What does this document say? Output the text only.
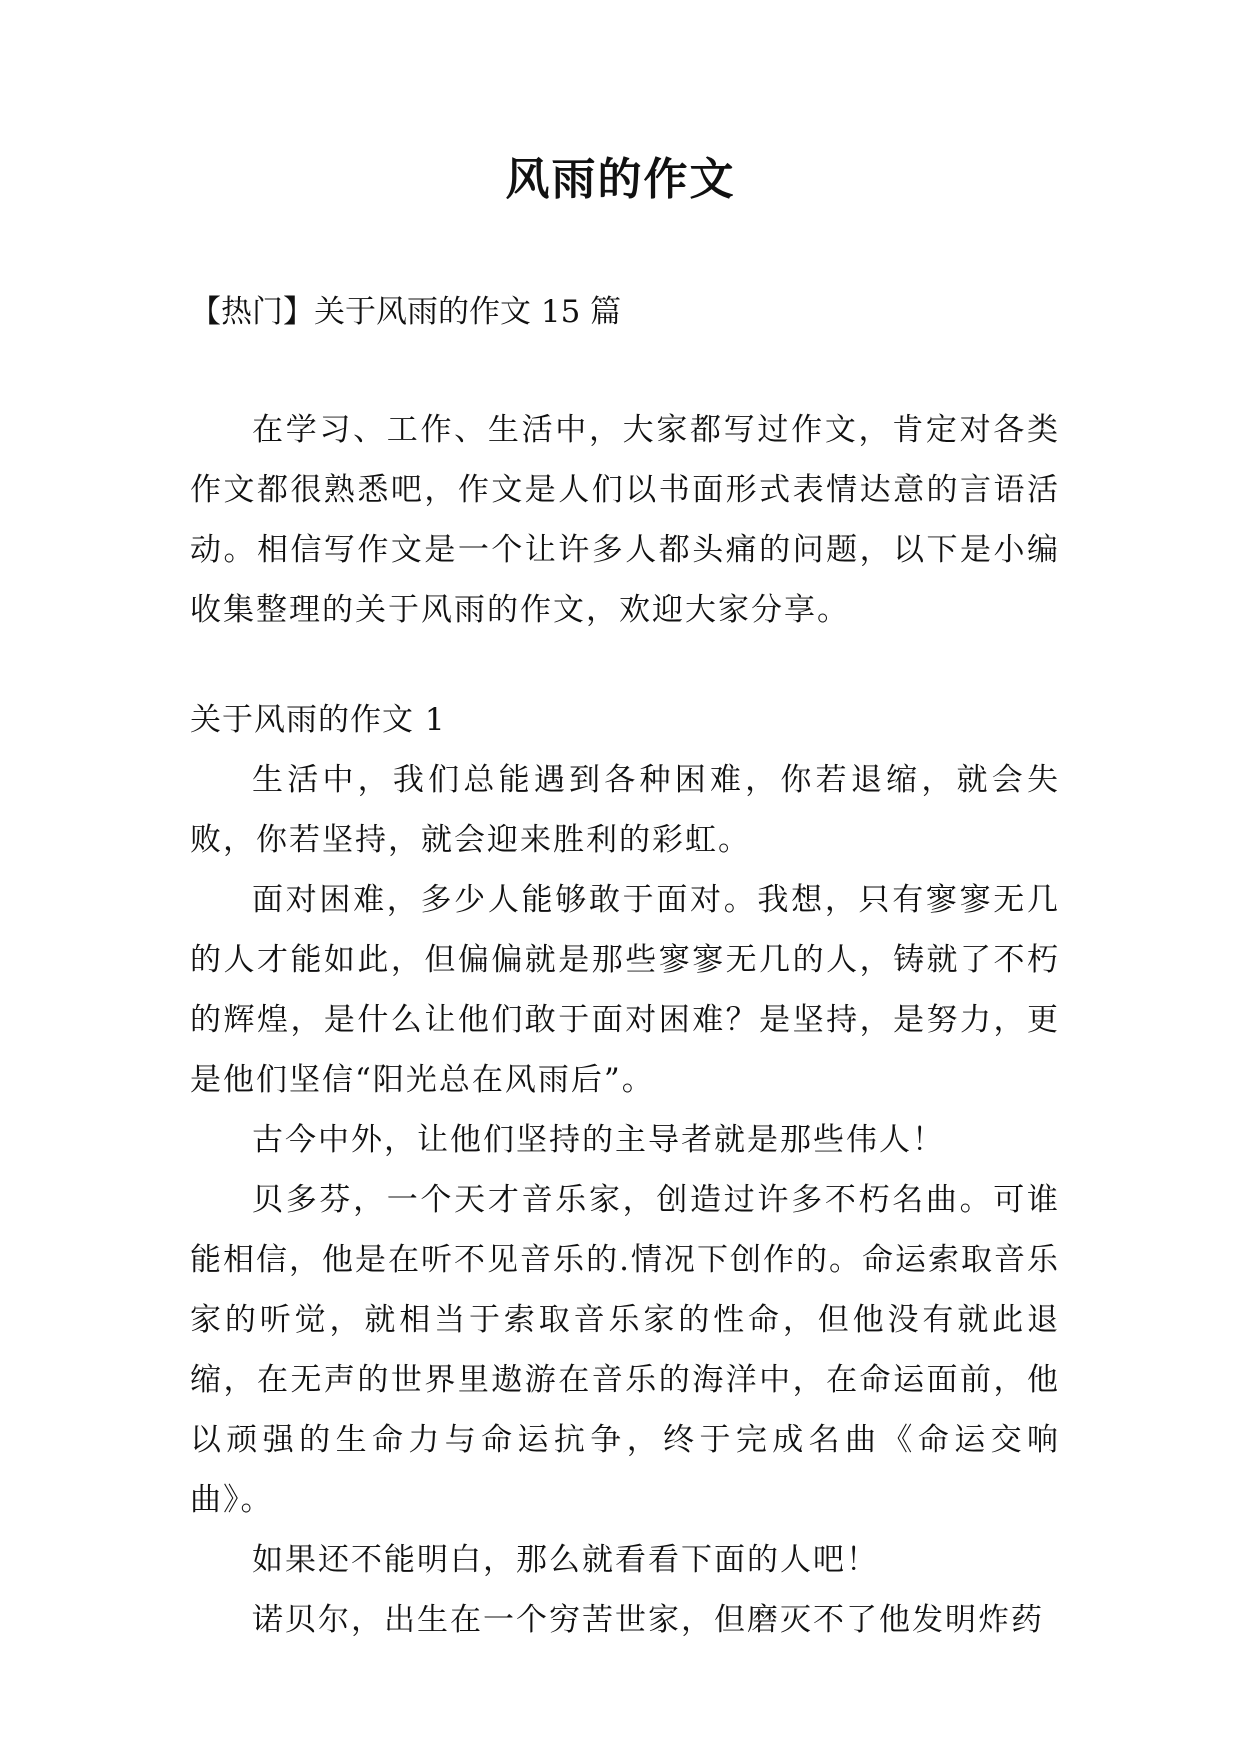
风雨的作文
【热门】关于风雨的作文 15 篇

在学习、工作、生活中，大家都写过作文，肯定对各类作文都很熟悉吧，作文是人们以书面形式表情达意的言语活动。相信写作文是一个让许多人都头痛的问题，以下是小编收集整理的关于风雨的作文，欢迎大家分享。

关于风雨的作文 1

生活中，我们总能遇到各种困难，你若退缩，就会失败，你若坚持，就会迎来胜利的彩虹。

面对困难，多少人能够敢于面对。我想，只有寥寥无几的人才能如此，但偏偏就是那些寥寥无几的人，铸就了不朽的辉煌，是什么让他们敢于面对困难？是坚持，是努力，更是他们坚信“阳光总在风雨后”。

古今中外，让他们坚持的主导者就是那些伟人！

贝多芬，一个天才音乐家，创造过许多不朽名曲。可谁能相信，他是在听不见音乐的.情况下创作的。命运索取音乐家的听觉，就相当于索取音乐家的性命，但他没有就此退缩，在无声的世界里遨游在音乐的海洋中，在命运面前，他以顽强的生命力与命运抗争，终于完成名曲《命运交响曲》。

如果还不能明白，那么就看看下面的人吧！

诺贝尔，出生在一个穷苦世家，但磨灭不了他发明炸药
